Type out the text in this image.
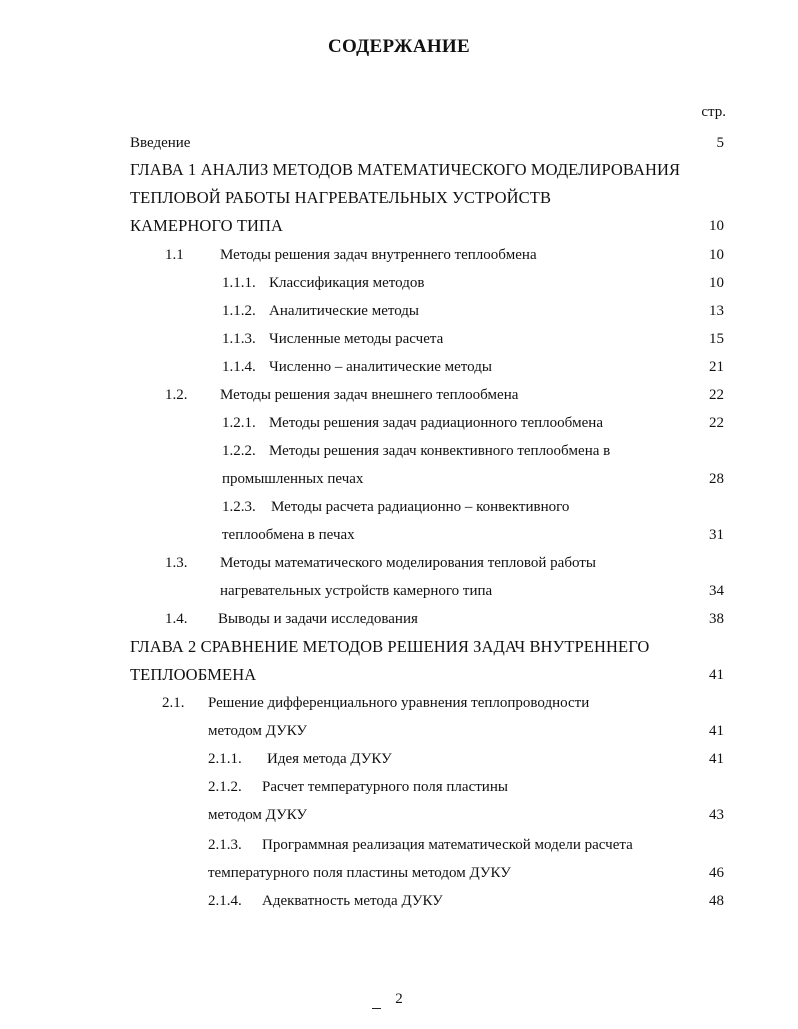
СОДЕРЖАНИЕ
стр.
Введение	5
ГЛАВА 1 АНАЛИЗ МЕТОДОВ МАТЕМАТИЧЕСКОГО МОДЕЛИРОВАНИЯ
ТЕПЛОВОЙ РАБОТЫ НАГРЕВАТЕЛЬНЫХ УСТРОЙСТВ
КАМЕРНОГО ТИПА	10
1.1 Методы решения задач внутреннего теплообмена	10
1.1.1. Классификация методов	10
1.1.2. Аналитические методы	13
1.1.3. Численные методы расчета	15
1.1.4. Численно – аналитические методы	21
1.2. Методы решения задач внешнего теплообмена	22
1.2.1. Методы решения задач радиационного теплообмена	22
1.2.2. Методы решения задач конвективного теплообмена в
промышленных печах	28
1.2.3. Методы расчета радиационно – конвективного
теплообмена в печах	31
1.3. Методы математического моделирования тепловой работы
нагревательных устройств камерного типа	34
1.4. Выводы и задачи исследования	38
ГЛАВА 2 СРАВНЕНИЕ МЕТОДОВ РЕШЕНИЯ ЗАДАЧ ВНУТРЕННЕГО
ТЕПЛООБМЕНА	41
2.1. Решение дифференциального уравнения теплопроводности
методом ДУКУ	41
2.1.1. Идея метода ДУКУ	41
2.1.2. Расчет температурного поля пластины
методом ДУКУ	43
2.1.3. Программная реализация математической модели расчета
температурного поля пластины методом ДУКУ	46
2.1.4. Адекватность метода ДУКУ	48
2
